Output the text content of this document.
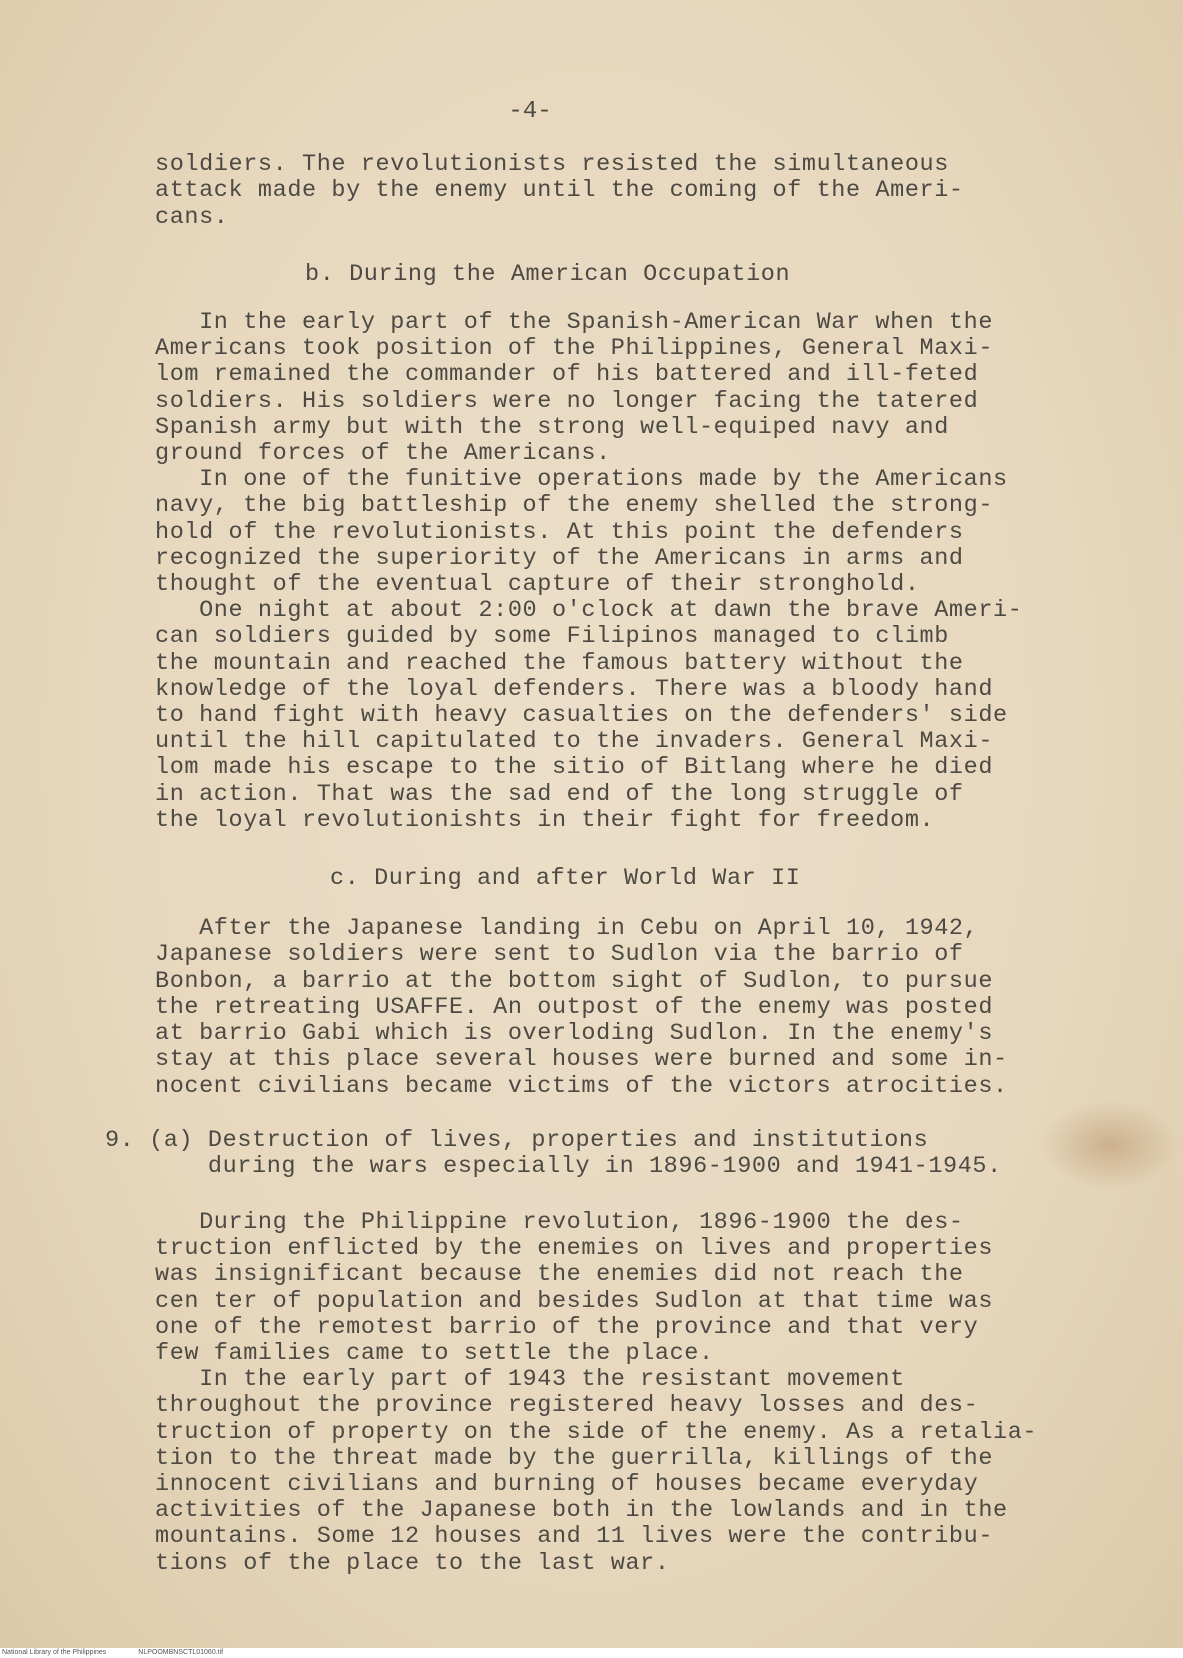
-4-
soldiers. The revolutionists resisted the simultaneous
attack made by the enemy until the coming of the Ameri-
cans.
b. During the American Occupation
In the early part of the Spanish-American War when the
Americans took position of the Philippines, General Maxi-
lom remained the commander of his battered and ill-feted
soldiers. His soldiers were no longer facing the tatered
Spanish army but with the strong well-equiped navy and
ground forces of the Americans.
In one of the funitive operations made by the Americans
navy, the big battleship of the enemy shelled the strong-
hold of the revolutionists. At this point the defenders
recognized the superiority of the Americans in arms and
thought of the eventual capture of their stronghold.
One night at about 2:00 o'clock at dawn the brave Ameri-
can soldiers guided by some Filipinos managed to climb
the mountain and reached the famous battery without the
knowledge of the loyal defenders. There was a bloody hand
to hand fight with heavy casualties on the defenders' side
until the hill capitulated to the invaders. General Maxi-
lom made his escape to the sitio of Bitlang where he died
in action. That was the sad end of the long struggle of
the loyal revolutionishts in their fight for freedom.
c. During and after World War II
After the Japanese landing in Cebu on April 10, 1942,
Japanese soldiers were sent to Sudlon via the barrio of
Bonbon, a barrio at the bottom sight of Sudlon, to pursue
the retreating USAFFE. An outpost of the enemy was posted
at barrio Gabi which is overloding Sudlon. In the enemy's
stay at this place several houses were burned and some in-
nocent civilians became victims of the victors atrocities.
9. (a) Destruction of lives, properties and institutions
during the wars especially in 1896-1900 and 1941-1945.
During the Philippine revolution, 1896-1900 the des-
truction enflicted by the enemies on lives and properties
was insignificant because the enemies did not reach the
cen ter of population and besides Sudlon at that time was
one of the remotest barrio of the province and that very
few families came to settle the place.
In the early part of 1943 the resistant movement
throughout the province registered heavy losses and des-
truction of property on the side of the enemy. As a retalia-
tion to the threat made by the guerrilla, killings of the
innocent civilians and burning of houses became everyday
activities of the Japanese both in the lowlands and in the
mountains. Some 12 houses and 11 lives were the contribu-
tions of the place to the last war.
National Library of the Philippines	NLPOOMBNSCTL01060.tif
